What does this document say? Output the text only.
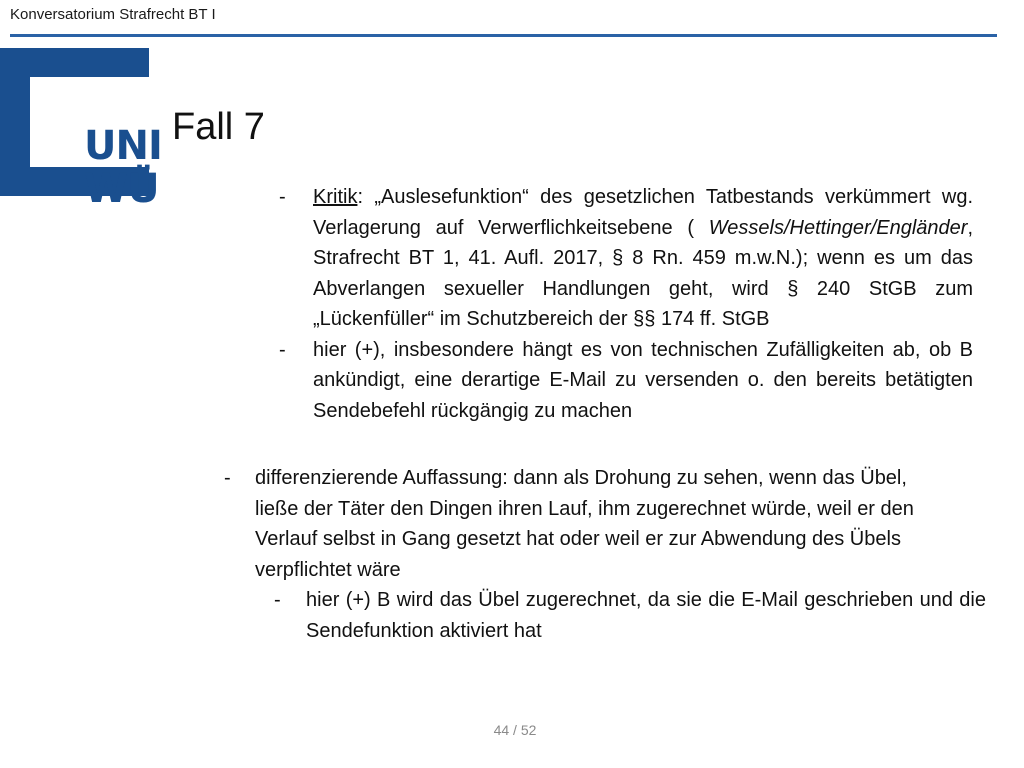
Konversatorium Strafrecht BT I
UNI
WÜ
Fall 7
- Kritik: „Auslesefunktion“ des gesetzlichen Tatbestands verkümmert wg. Verlagerung auf Verwerflichkeitsebene ( Wessels/Hettinger/Engländer, Strafrecht BT 1, 41. Aufl. 2017, § 8 Rn. 459 m.w.N.); wenn es um das Abverlangen sexueller Handlungen geht, wird § 240 StGB zum „Lückenfüller“ im Schutzbereich der §§ 174 ff. StGB
- hier (+), insbesondere hängt es von technischen Zufälligkeiten ab, ob B ankündigt, eine derartige E-Mail zu versenden o. den bereits betätigten Sendebefehl rückgängig zu machen
- differenzierende Auffassung: dann als Drohung zu sehen, wenn das Übel, ließe der Täter den Dingen ihren Lauf, ihm zugerechnet würde, weil er den Verlauf selbst in Gang gesetzt hat oder weil er zur Abwendung des Übels verpflichtet wäre
- hier (+) B wird das Übel zugerechnet, da sie die E-Mail geschrieben und die Sendefunktion aktiviert hat
44 / 52
